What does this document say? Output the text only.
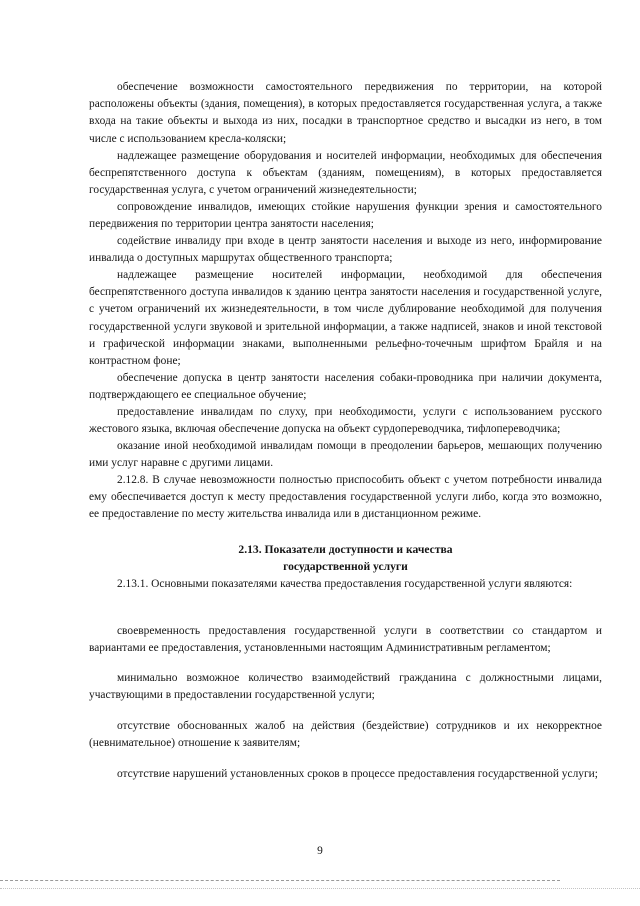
обеспечение возможности самостоятельного передвижения по территории, на которой расположены объекты (здания, помещения), в которых предоставляется государственная услуга, а также входа на такие объекты и выхода из них, посадки в транспортное средство и высадки из него, в том числе с использованием кресла-коляски;

надлежащее размещение оборудования и носителей информации, необходимых для обеспечения беспрепятственного доступа к объектам (зданиям, помещениям), в которых предоставляется государственная услуга, с учетом ограничений жизнедеятельности;

сопровождение инвалидов, имеющих стойкие нарушения функции зрения и самостоятельного передвижения по территории центра занятости населения;

содействие инвалиду при входе в центр занятости населения и выходе из него, информирование инвалида о доступных маршрутах общественного транспорта;

надлежащее размещение носителей информации, необходимой для обеспечения беспрепятственного доступа инвалидов к зданию центра занятости населения и государственной услуге, с учетом ограничений их жизнедеятельности, в том числе дублирование необходимой для получения государственной услуги звуковой и зрительной информации, а также надписей, знаков и иной текстовой и графической информации знаками, выполненными рельефно-точечным шрифтом Брайля и на контрастном фоне;

обеспечение допуска в центр занятости населения собаки-проводника при наличии документа, подтверждающего ее специальное обучение;

предоставление инвалидам по слуху, при необходимости, услуги с использованием русского жестового языка, включая обеспечение допуска на объект сурдопереводчика, тифлопереводчика;

оказание иной необходимой инвалидам помощи в преодолении барьеров, мешающих получению ими услуг наравне с другими лицами.

2.12.8. В случае невозможности полностью приспособить объект с учетом потребности инвалида ему обеспечивается доступ к месту предоставления государственной услуги либо, когда это возможно, ее предоставление по месту жительства инвалида или в дистанционном режиме.

2.13. Показатели доступности и качества

государственной услуги

2.13.1. Основными показателями качества предоставления государственной услуги являются:

своевременность предоставления государственной услуги в соответствии со стандартом и вариантами ее предоставления, установленными настоящим Административным регламентом;

минимально возможное количество взаимодействий гражданина с должностными лицами, участвующими в предоставлении государственной услуги;

отсутствие обоснованных жалоб на действия (бездействие) сотрудников и их некорректное (невнимательное) отношение к заявителям;

отсутствие нарушений установленных сроков в процессе предоставления государственной услуги;

9
